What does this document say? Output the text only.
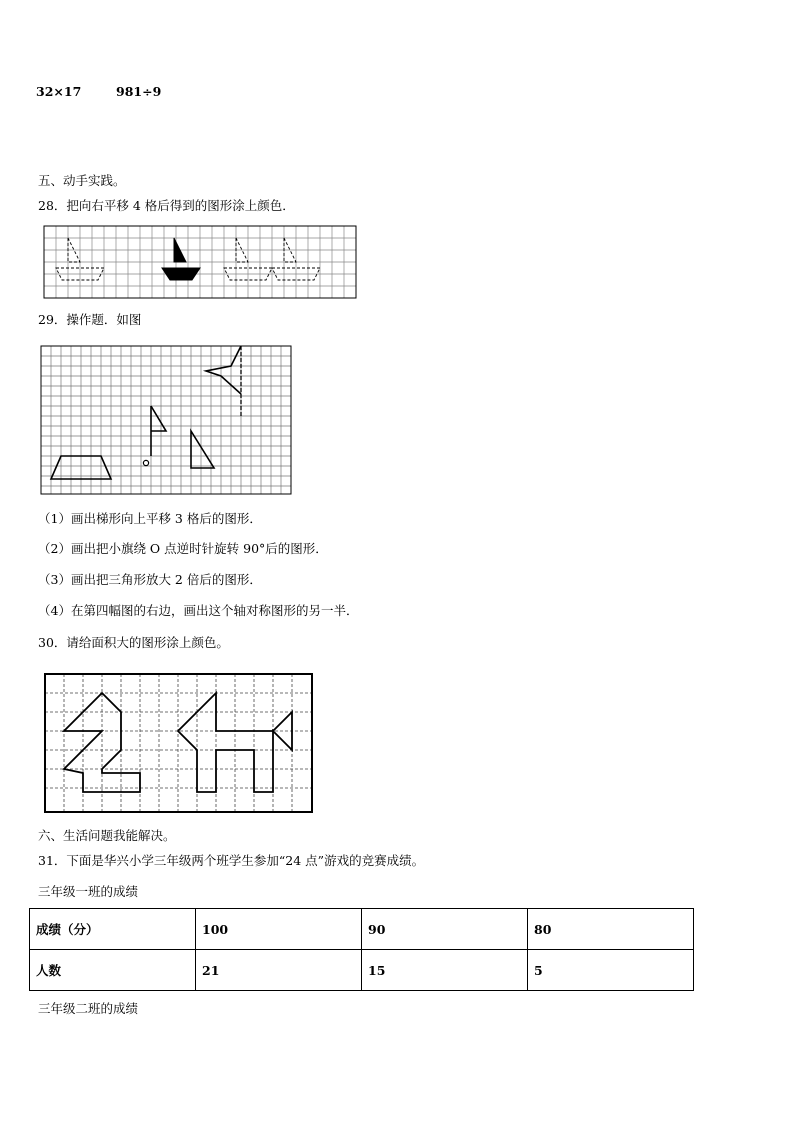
32×17	981÷9
五、动手实践。
28．把向右平移 4 格后得到的图形涂上颜色．
29．操作题．如图
（1）画出梯形向上平移 3 格后的图形．
（2）画出把小旗绕 O 点逆时针旋转 90°后的图形．
（3）画出把三角形放大 2 倍后的图形．
（4）在第四幅图的右边，画出这个轴对称图形的另一半．
30．请给面积大的图形涂上颜色。
六、生活问题我能解决。
31．下面是华兴小学三年级两个班学生参加“24 点”游戏的竞赛成绩。
三年级一班的成绩
成绩（分）	100	90	80
人数	21	15	5
三年级二班的成绩
